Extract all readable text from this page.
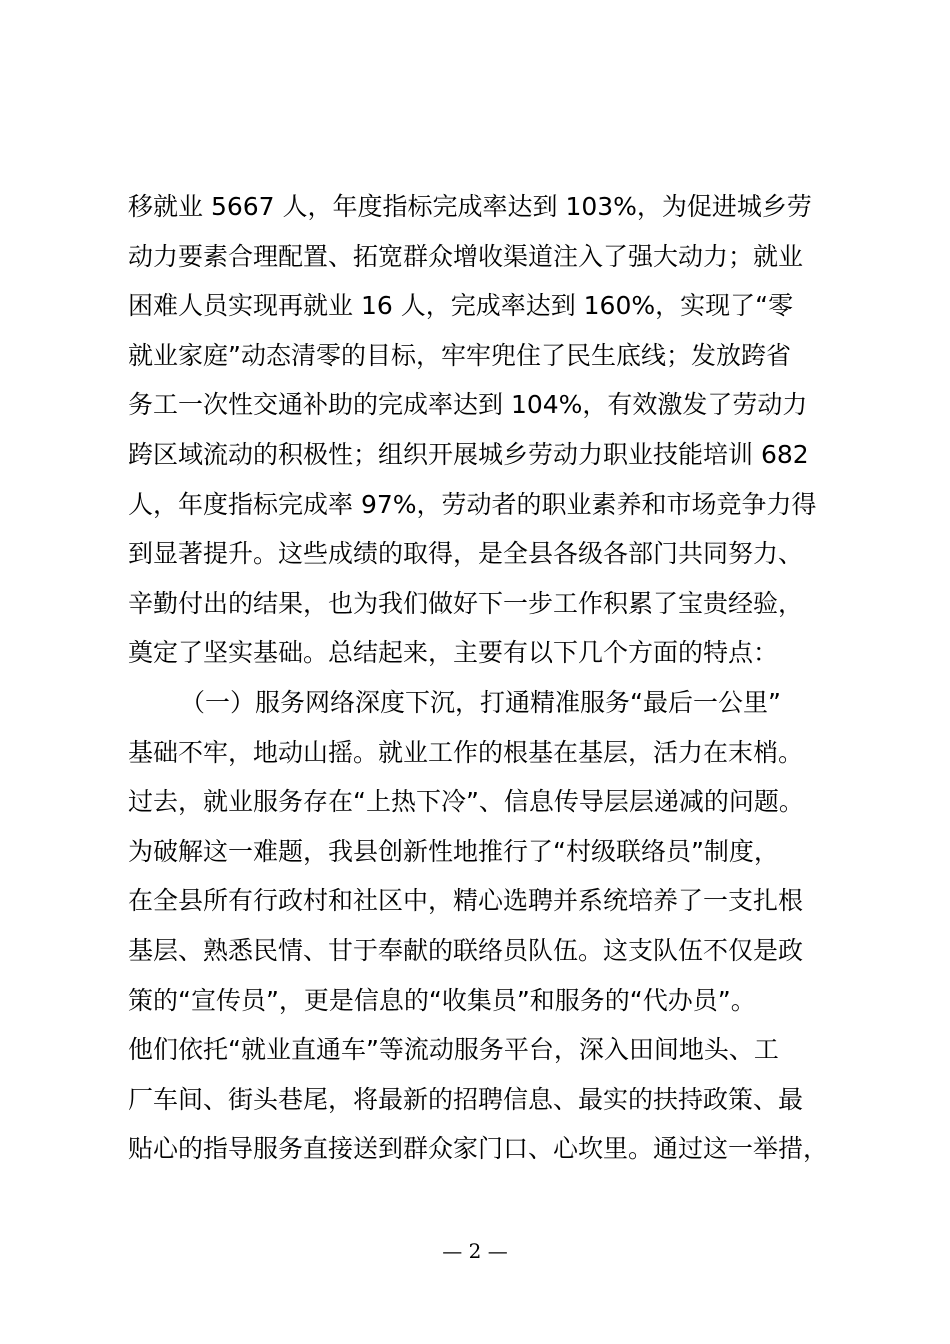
移就业 5667 人，年度指标完成率达到 103%，为促进城乡劳
动力要素合理配置、拓宽群众增收渠道注入了强大动力；就业
困难人员实现再就业 16 人，完成率达到 160%，实现了“零
就业家庭”动态清零的目标，牢牢兜住了民生底线；发放跨省
务工一次性交通补助的完成率达到 104%，有效激发了劳动力
跨区域流动的积极性；组织开展城乡劳动力职业技能培训 682
人，年度指标完成率 97%，劳动者的职业素养和市场竞争力得
到显著提升。这些成绩的取得，是全县各级各部门共同努力、
辛勤付出的结果，也为我们做好下一步工作积累了宝贵经验，
奠定了坚实基础。总结起来，主要有以下几个方面的特点：
（一）服务网络深度下沉，打通精准服务“最后一公里”
基础不牢，地动山摇。就业工作的根基在基层，活力在末梢。
过去，就业服务存在“上热下冷”、信息传导层层递减的问题。
为破解这一难题，我县创新性地推行了“村级联络员”制度，
在全县所有行政村和社区中，精心选聘并系统培养了一支扎根
基层、熟悉民情、甘于奉献的联络员队伍。这支队伍不仅是政
策的“宣传员”，更是信息的“收集员”和服务的“代办员”。
他们依托“就业直通车”等流动服务平台，深入田间地头、工
厂车间、街头巷尾，将最新的招聘信息、最实的扶持政策、最
贴心的指导服务直接送到群众家门口、心坎里。通过这一举措，
— 2 —
